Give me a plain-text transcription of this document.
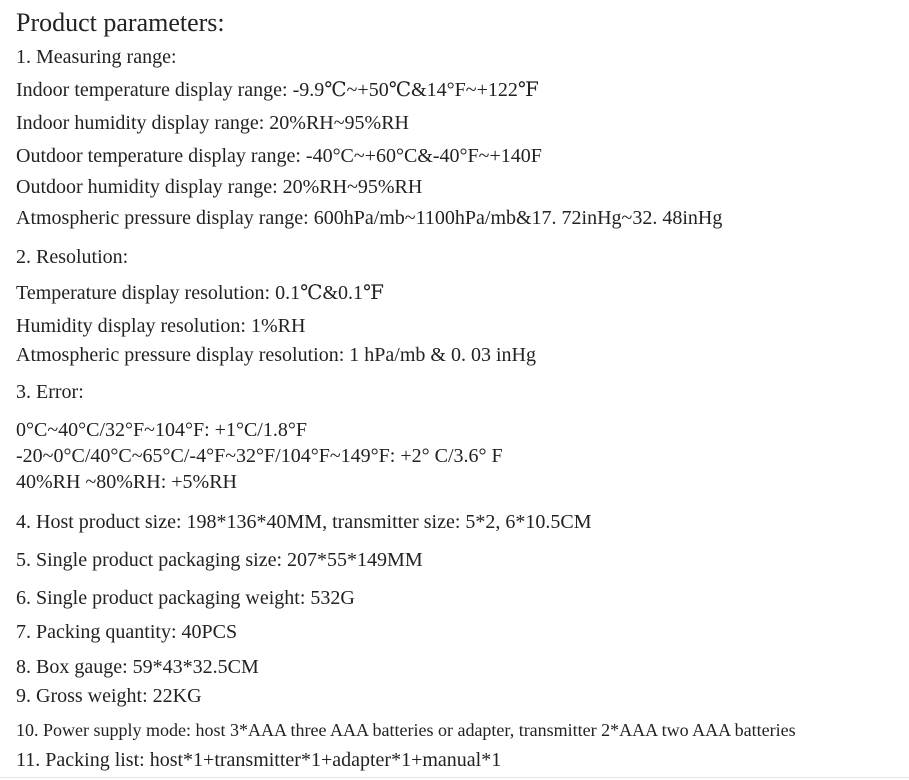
Product parameters:
1. Measuring range:
Indoor temperature display range: -9.9℃~+50℃&14°F~+122℉
Indoor humidity display range: 20%RH~95%RH
Outdoor temperature display range: -40°C~+60°C&-40°F~+140F
Outdoor humidity display range: 20%RH~95%RH
Atmospheric pressure display range: 600hPa/mb~1100hPa/mb&17. 72inHg~32. 48inHg
2. Resolution:
Temperature display resolution: 0.1℃&0.1℉
Humidity display resolution: 1%RH
Atmospheric pressure display resolution: 1 hPa/mb & 0. 03 inHg
3. Error:
0°C~40°C/32°F~104°F: +1°C/1.8°F
-20~0°C/40°C~65°C/-4°F~32°F/104°F~149°F: +2° C/3.6° F
40%RH ~80%RH: +5%RH
4. Host product size: 198*136*40MM, transmitter size: 5*2, 6*10.5CM
5. Single product packaging size: 207*55*149MM
6. Single product packaging weight: 532G
7. Packing quantity: 40PCS
8. Box gauge: 59*43*32.5CM
9. Gross weight: 22KG
10. Power supply mode: host 3*AAA three AAA batteries or adapter, transmitter 2*AAA two AAA batteries
11. Packing list: host*1+transmitter*1+adapter*1+manual*1
